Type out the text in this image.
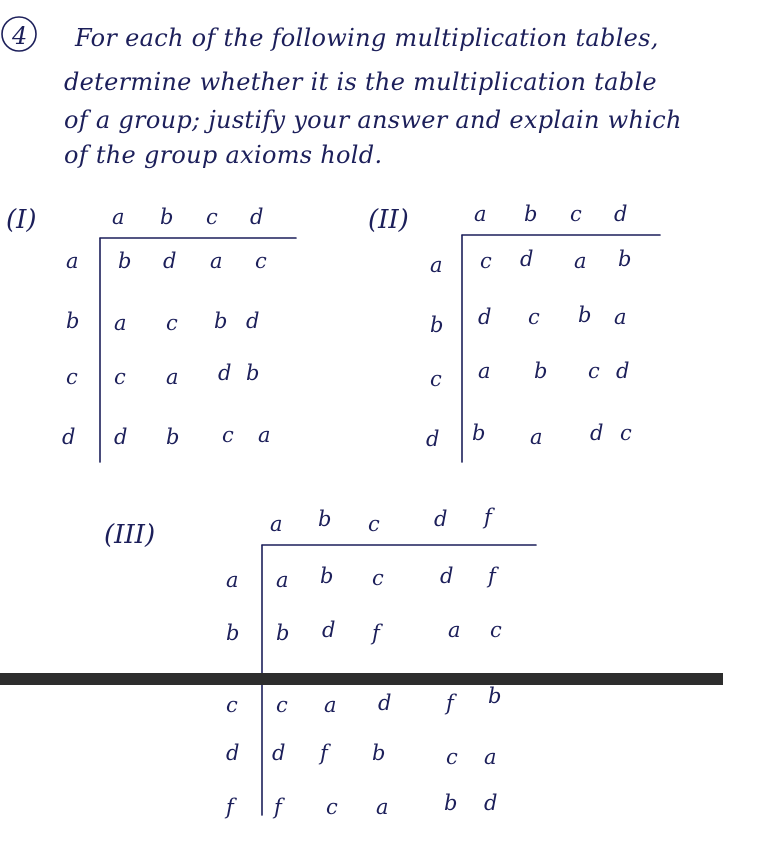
4 For each of the following multiplication tables,
determine whether it is the multiplication table
of a group; justify your answer and explain which
of the group axioms hold.
(I)	a b c d
a b d a c
b a c b d
c c a d b
d d b c a
(II)	a b c d
a c d a b
b d c b a
c a b c d
d b a d c
(III)	a b c	d f
a a b c	d f
b b d f	a c
c c a d	f b
d d f b	c a
f f c a	b d
